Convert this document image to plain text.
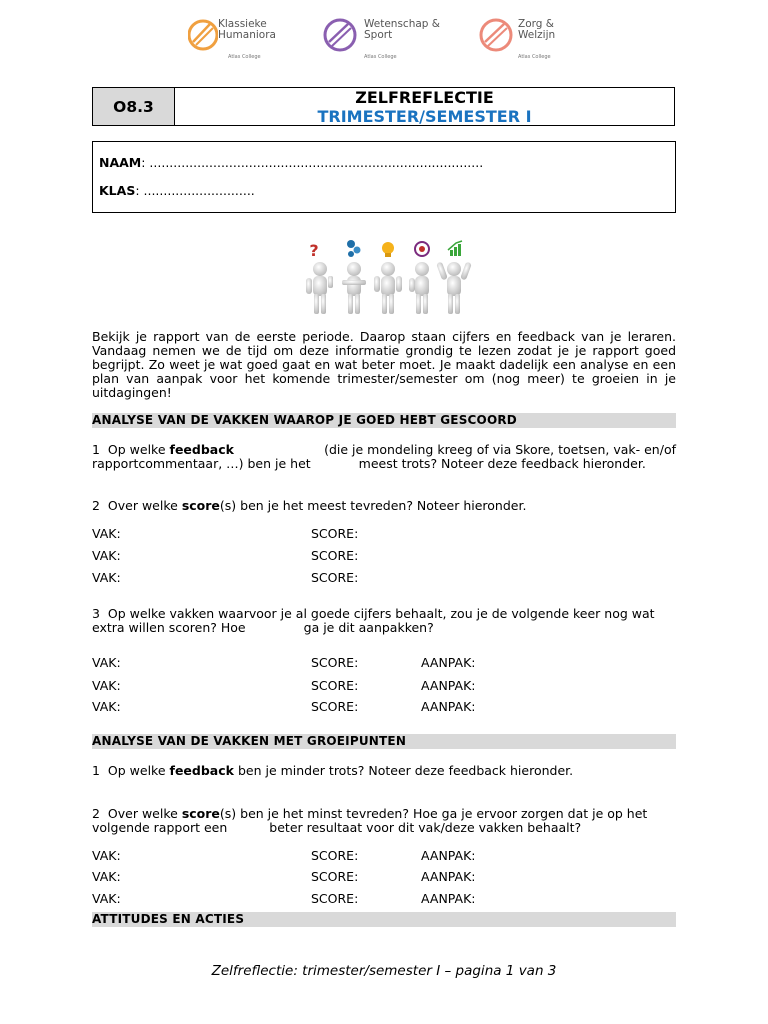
Klassieke
Humaniora
Atlas College
Wetenschap &
Sport
Atlas College
Zorg &
Welzijn
Atlas College
O8.3	ZELFREFLECTIE
TRIMESTER/SEMESTER I
NAAM: ....................................................................................
KLAS: ............................
?
Bekijk je rapport van de eerste periode. Daarop staan cijfers en feedback van je leraren. Vandaag nemen we de tijd om deze informatie grondig te lezen zodat je je rapport goed begrijpt. Zo weet je wat goed gaat en wat beter moet. Je maakt dadelijk een analyse en een plan van aanpak voor het komende trimester/semester om (nog meer) te groeien in je uitdagingen!
ANALYSE VAN DE VAKKEN WAAROP JE GOED HEBT GESCOORD
1 Op welke feedback	(die je mondeling kreeg of via Skore, toetsen, vak- en/of
rapportcommentaar, …) ben je het	meest trots? Noteer deze feedback hieronder.
2 Over welke score(s) ben je het meest tevreden? Noteer hieronder.
VAK:	SCORE:
VAK:	SCORE:
VAK:	SCORE:
3 Op welke vakken waarvoor je al goede cijfers behaalt, zou je de volgende keer nog wat
extra willen scoren? Hoe	ga je dit aanpakken?
VAK:	SCORE:	AANPAK:
VAK:	SCORE:	AANPAK:
VAK:	SCORE:	AANPAK:
ANALYSE VAN DE VAKKEN MET GROEIPUNTEN
1 Op welke feedback ben je minder trots? Noteer deze feedback hieronder.
2 Over welke score(s) ben je het minst tevreden? Hoe ga je ervoor zorgen dat je op het
volgende rapport een	beter resultaat voor dit vak/deze vakken behaalt?
VAK:	SCORE:	AANPAK:
VAK:	SCORE:	AANPAK:
VAK:	SCORE:	AANPAK:
ATTITUDES EN ACTIES
Zelfreflectie: trimester/semester I – pagina 1 van 3
